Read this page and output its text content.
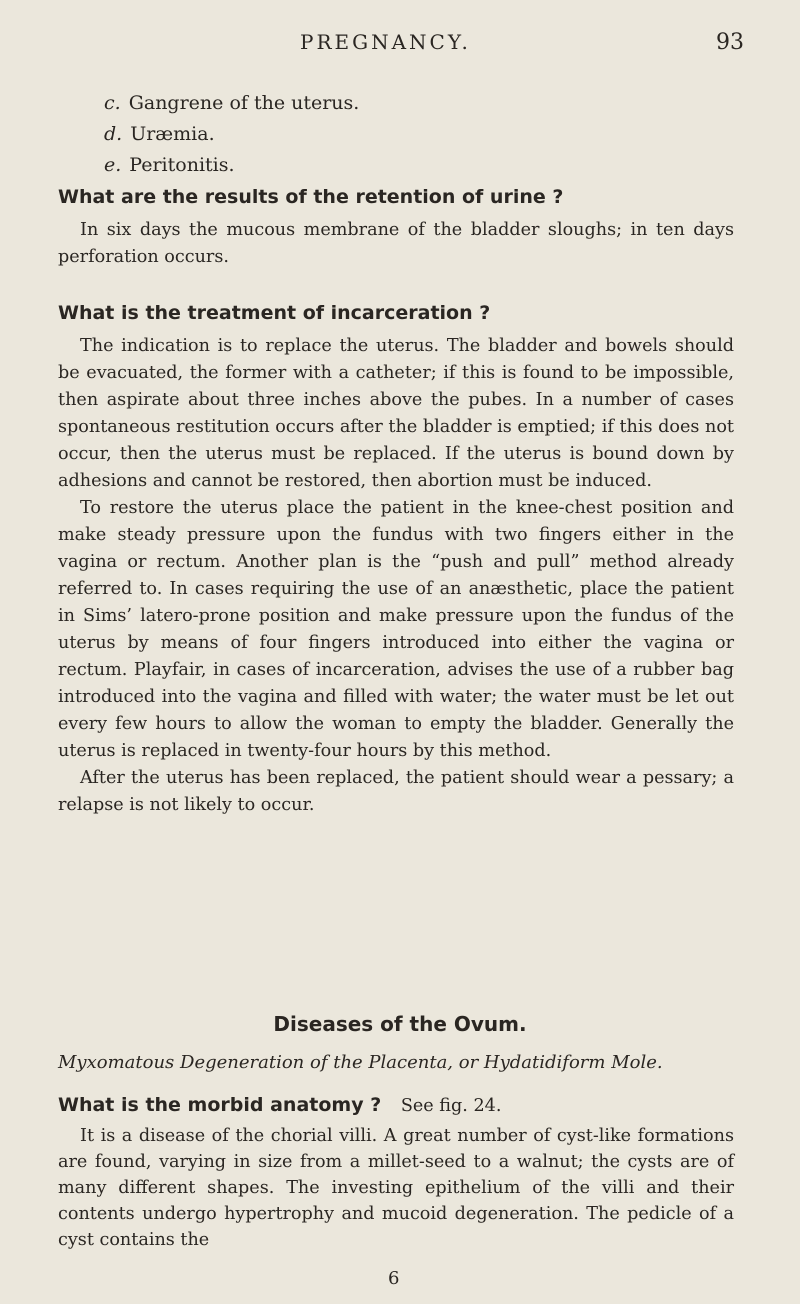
PREGNANCY.	93
c. Gangrene of the uterus.
d. Uræmia.
e. Peritonitis.

What are the results of the retention of urine ?

In six days the mucous membrane of the bladder sloughs; in ten days perforation occurs.

What is the treatment of incarceration ?

The indication is to replace the uterus. The bladder and bowels should be evacuated, the former with a catheter; if this is found to be impossible, then aspirate about three inches above the pubes. In a number of cases spontaneous restitution occurs after the bladder is emptied; if this does not occur, then the uterus must be replaced. If the uterus is bound down by adhesions and cannot be restored, then abortion must be induced.

To restore the uterus place the patient in the knee-chest position and make steady pressure upon the fundus with two fingers either in the vagina or rectum. Another plan is the “push and pull” method already referred to. In cases requiring the use of an anæsthetic, place the patient in Sims’ latero-prone position and make pressure upon the fundus of the uterus by means of four fingers introduced into either the vagina or rectum. Playfair, in cases of incarceration, advises the use of a rubber bag introduced into the vagina and filled with water; the water must be let out every few hours to allow the woman to empty the bladder. Generally the uterus is replaced in twenty-four hours by this method.

After the uterus has been replaced, the patient should wear a pessary; a relapse is not likely to occur.

Diseases of the Ovum.
Myxomatous Degeneration of the Placenta, or Hydatidiform Mole.

What is the morbid anatomy ? See fig. 24.

It is a disease of the chorial villi. A great number of cyst-like formations are found, varying in size from a millet-seed to a walnut; the cysts are of many different shapes. The investing epithelium of the villi and their contents undergo hypertrophy and mucoid degeneration. The pedicle of a cyst contains the

6
